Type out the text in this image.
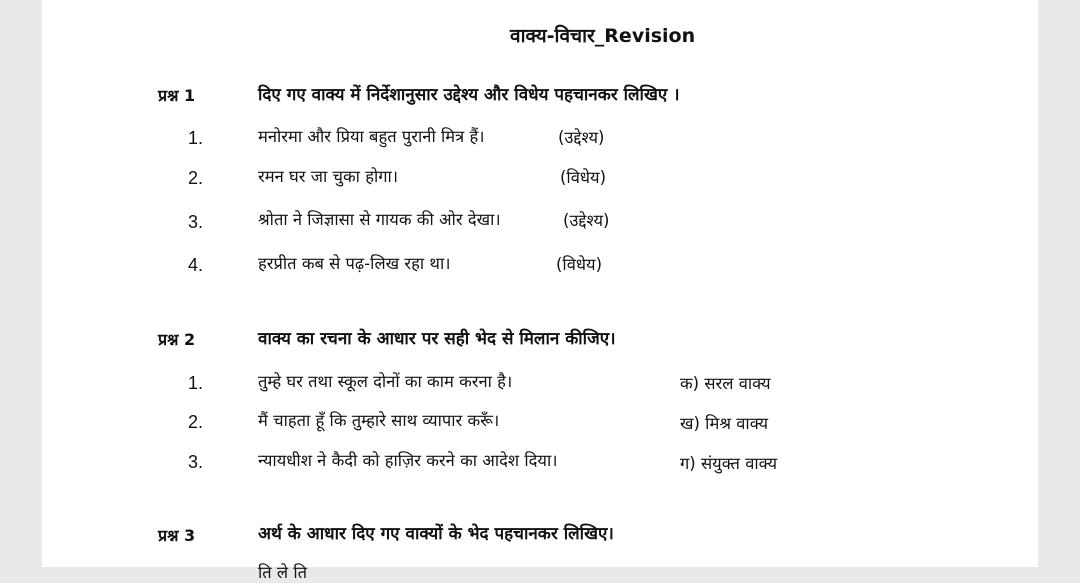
वाक्य-विचार_Revision
प्रश्न 1	दिए गए वाक्य में निर्देशानुसार उद्देश्य और विधेय पहचानकर लिखिए ।
1.	मनोरमा और प्रिया बहुत पुरानी मित्र हैं।	(उद्देश्य)
2.	रमन घर जा चुका होगा।	(विधेय)
3.	श्रोता ने जिज्ञासा से गायक की ओर देखा।	(उद्देश्य)
4.	हरप्रीत कब से पढ़-लिख रहा था।	(विधेय)
प्रश्न 2	वाक्य का रचना के आधार पर सही भेद से मिलान कीजिए।
1.	तुम्हे घर तथा स्कूल दोनों का काम करना है।	क) सरल वाक्य
2.	मैं चाहता हूँ कि तुम्हारे साथ व्यापार करूँ।	ख) मिश्र वाक्य
3.	न्यायधीश ने कैदी को हाज़िर करने का आदेश दिया।	ग) संयुक्त वाक्य
प्रश्न 3	अर्थ के आधार दिए गए वाक्यों के भेद पहचानकर लिखिए।
ति ले ति
